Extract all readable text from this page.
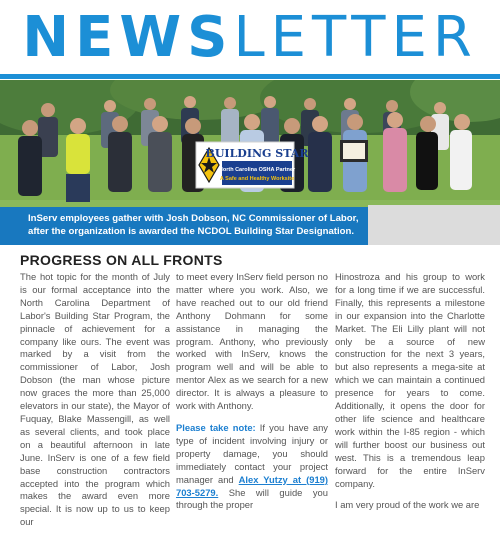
NEWSLETTER
BUILDING STAR
North Carolina OSHA Partner
A Safe and Healthy Worksite
InServ employees gather with Josh Dobson, NC Commissioner of Labor,
after the organization is awarded the NCDOL Building Star Designation.
PROGRESS ON ALL FRONTS

The hot topic for the month of July is our formal acceptance into the North Carolina Department of Labor's Building Star Program, the pinnacle of achievement for a company like ours. The event was marked by a visit from the commissioner of Labor, Josh Dobson (the man whose picture now graces the more than 25,000 elevators in our state), the Mayor of Fuquay, Blake Massengill, as well as several clients, and took place on a beautiful afternoon in late June. InServ is one of a few field base construction contractors accepted into the program which makes the award even more special. It is now up to us to keep our

to meet every InServ field person no matter where you work. Also, we have reached out to our old friend Anthony Dohmann for some assistance in managing the program. Anthony, who previously worked with InServ, knows the program well and will be able to mentor Alex as we search for a new director. It is always a pleasure to work with Anthony.

Please take note: If you have any type of incident involving injury or property damage, you should immediately contact your project manager and Alex Yutzy at (919) 703-5279. She will guide you through the proper

Hinostroza and his group to work for a long time if we are successful. Finally, this represents a milestone in our expansion into the Charlotte Market. The Eli Lilly plant will not only be a source of new construction for the next 3 years, but also represents a mega-site at which we can maintain a continued presence for years to come. Additionally, it opens the door for other life science and healthcare work within the I-85 region - which will further boost our business out west. This is a tremendous leap forward for the entire InServ company.

I am very proud of the work we are
